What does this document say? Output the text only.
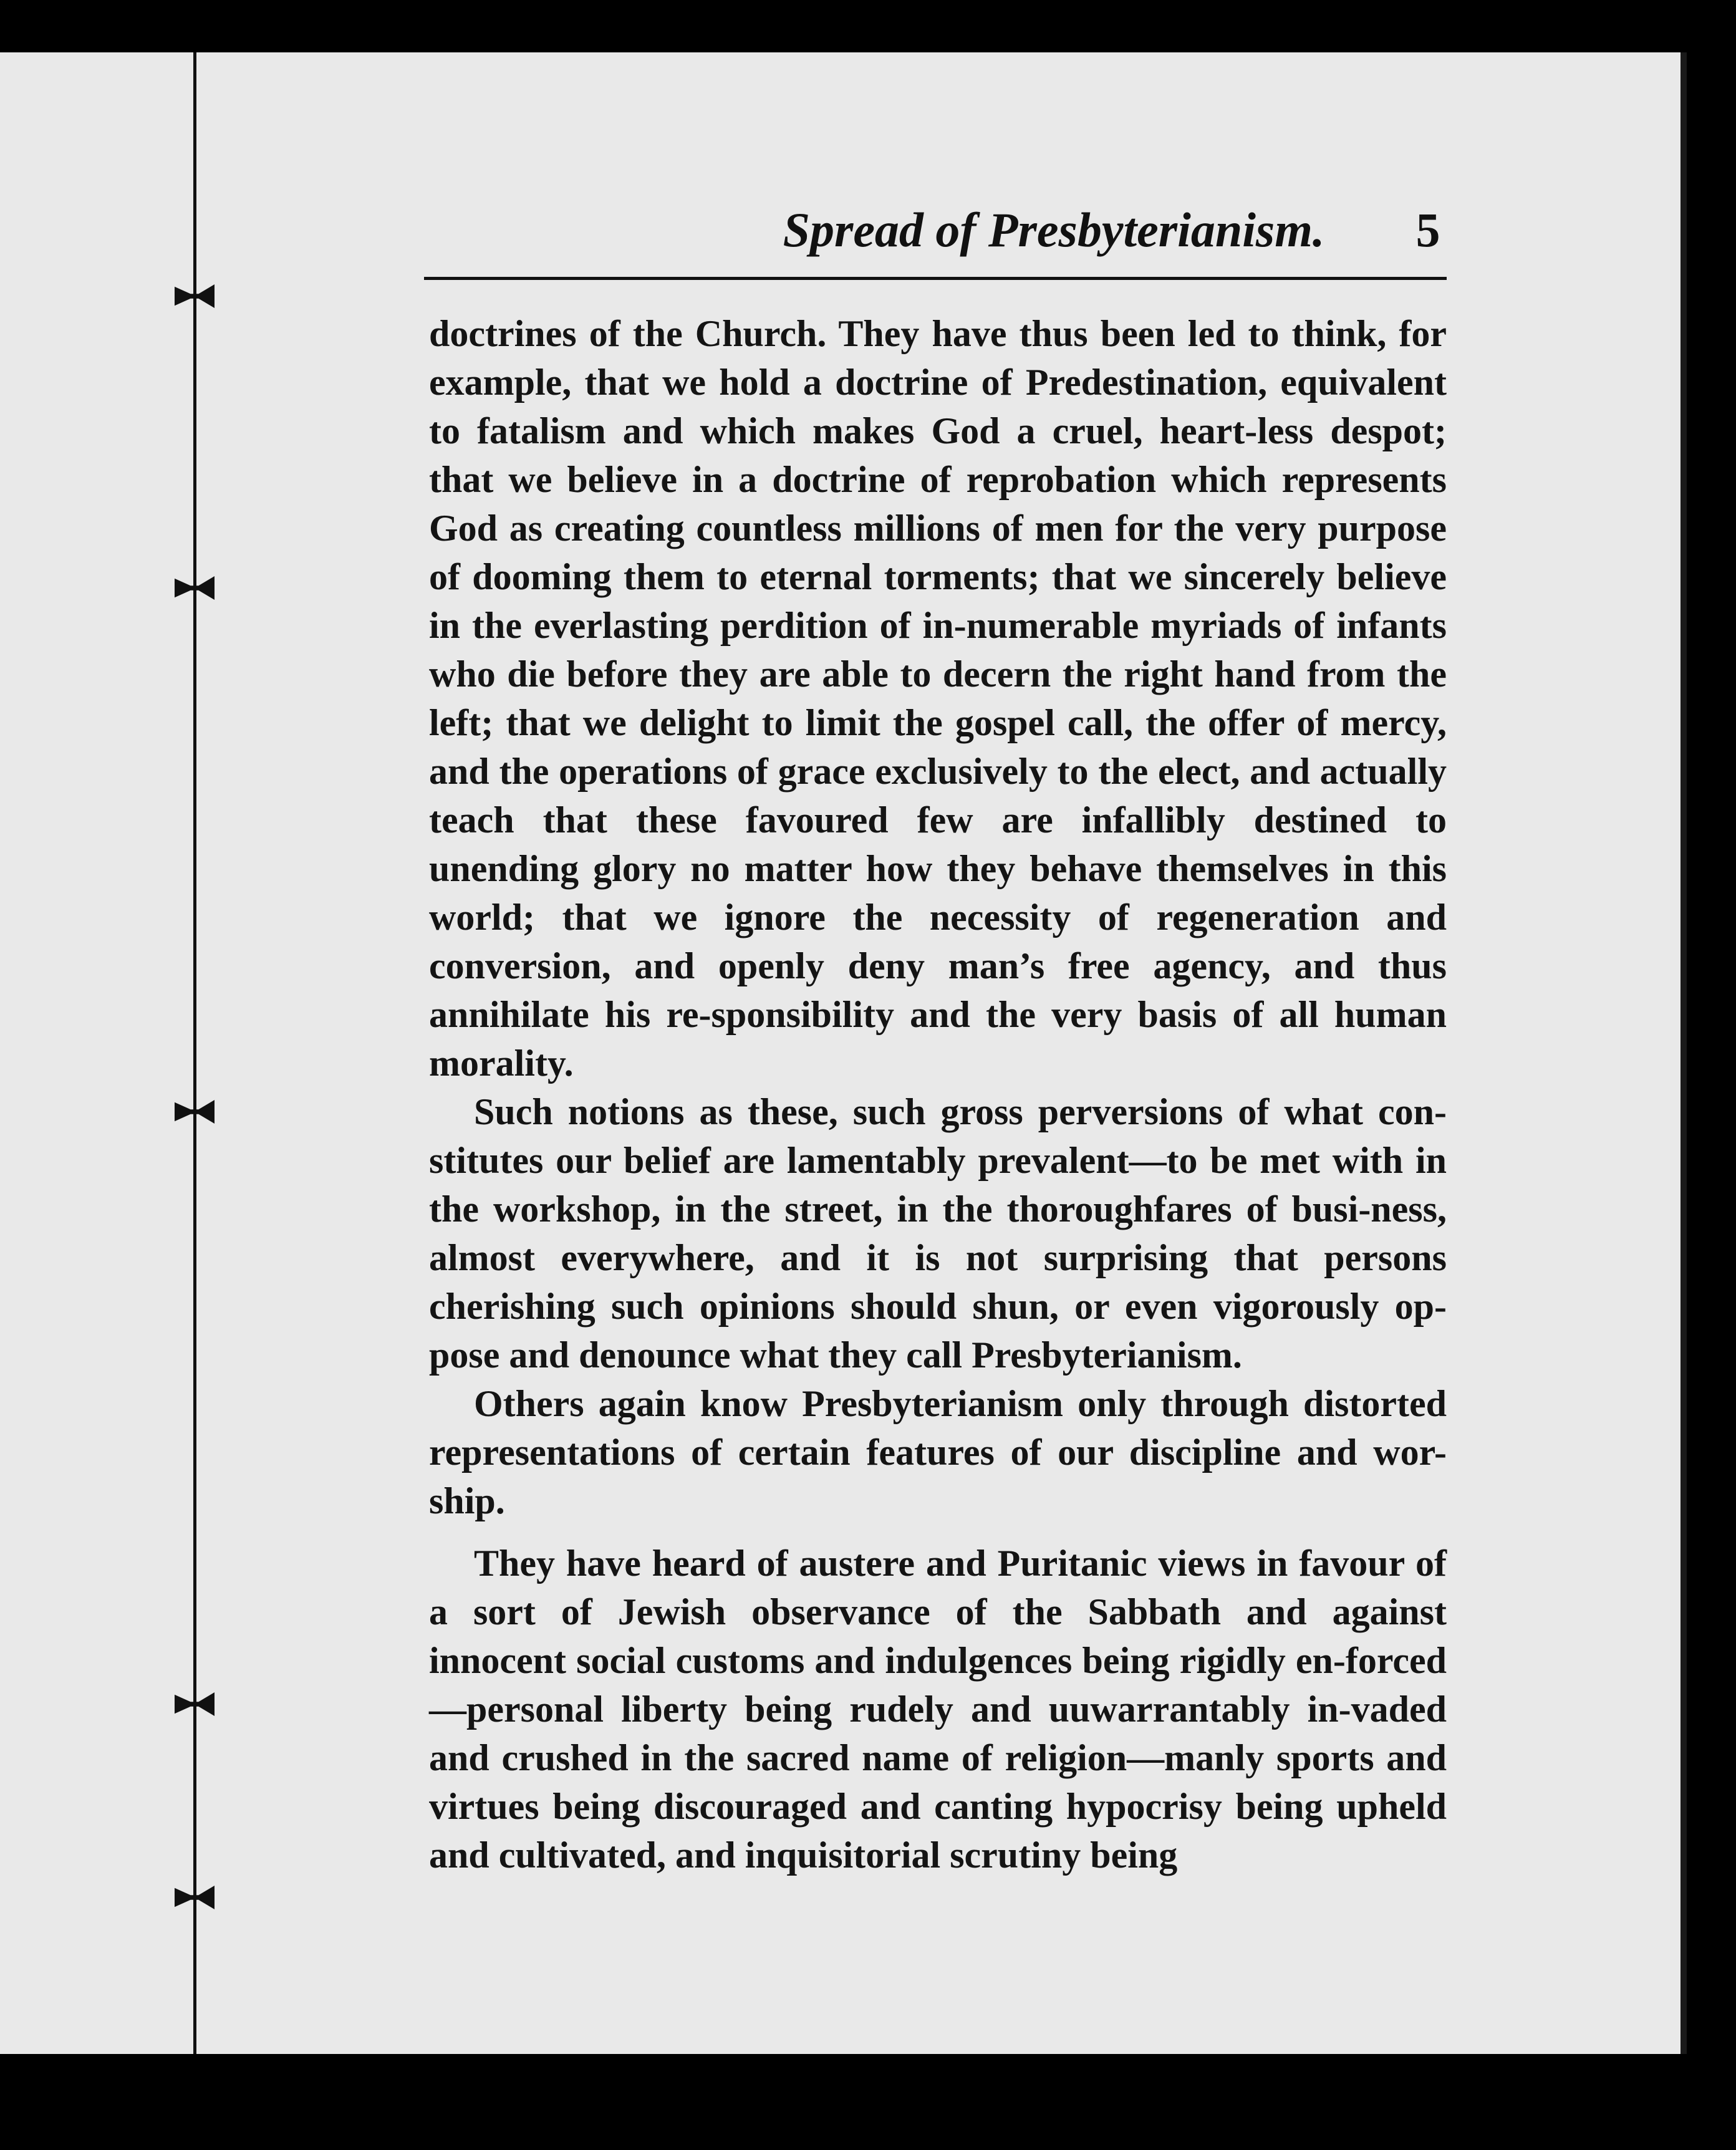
Spread of Presbyterianism.	5

doctrines of the Church. They have thus been led to think, for example, that we hold a doctrine of Predestination, equivalent to fatalism and which makes God a cruel, heart-less despot; that we believe in a doctrine of reprobation which represents God as creating countless millions of men for the very purpose of dooming them to eternal torments; that we sincerely believe in the everlasting perdition of in-numerable myriads of infants who die before they are able to decern the right hand from the left; that we delight to limit the gospel call, the offer of mercy, and the operations of grace exclusively to the elect, and actually teach that these favoured few are infallibly destined to unending glory no matter how they behave themselves in this world; that we ignore the necessity of regeneration and conversion, and openly deny man’s free agency, and thus annihilate his re-sponsibility and the very basis of all human morality.

Such notions as these, such gross perversions of what con-stitutes our belief are lamentably prevalent—to be met with in the workshop, in the street, in the thoroughfares of busi-ness, almost everywhere, and it is not surprising that persons cherishing such opinions should shun, or even vigorously op-pose and denounce what they call Presbyterianism.

Others again know Presbyterianism only through distorted representations of certain features of our discipline and wor-ship.

They have heard of austere and Puritanic views in favour of a sort of Jewish observance of the Sabbath and against innocent social customs and indulgences being rigidly en-forced—personal liberty being rudely and uuwarrantably in-vaded and crushed in the sacred name of religion—manly sports and virtues being discouraged and canting hypocrisy being upheld and cultivated, and inquisitorial scrutiny being
